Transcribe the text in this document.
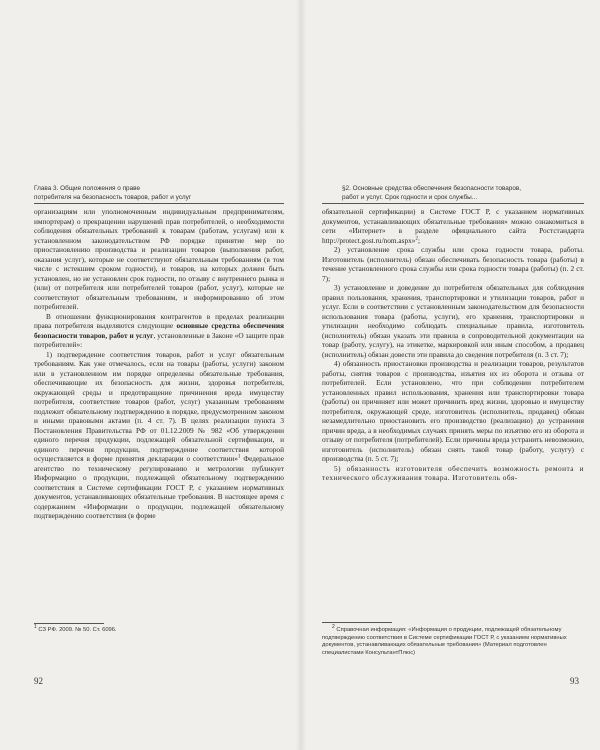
Глава 3. Общие положения о праве
потребителя на безопасность товаров, работ и услуг

организациям или уполномоченным индивидуальным предпринимателям, импортерам) о прекращении нарушений прав потребителей, о необходимости соблюдения обязательных требований к товарам (работам, услугам) или к установленном законодательством РФ порядке принятие мер по приостановлению производства и реализации товаров (выполнения работ, оказания услуг), которые не соответствуют обязательным требованиям (в том числе с истекшим сроком годности), и товаров, на которых должен быть установлен, но не установлен срок годности, по отзыву с внутреннего рынка и (или) от потребителя или потребителей товаров (работ, услуг), которые не соответствуют обязательным требованиям, и информированию об этом потребителей.

В отношении функционирования контрагентов в пределах реализации права потребителя выделяются следующие основные средства обеспечения безопасности товаров, работ и услуг, установленные в Законе «О защите прав потребителей»:

1) подтверждение соответствия товаров, работ и услуг обязательным требованиям. Как уже отмечалось, если на товары (работы, услуги) законом или в установленном им порядке определены обязательные требования, обеспечивающие их безопасность для жизни, здоровья потребителя, окружающей среды и предотвращение причинения вреда имуществу потребителя, соответствие товаров (работ, услуг) указанным требованиям подлежит обязательному подтверждению в порядке, предусмотренном законом и иными правовыми актами (п. 4 ст. 7). В целях реализации пункта 3 Постановления Правительства РФ от 01.12.2009 № 982 «Об утверждении единого перечня продукции, подлежащей обязательной сертификации, и единого перечня продукции, подтверждение соответствия которой осуществляется в форме принятия декларации о соответствии»$^1$ Федеральное агентство по техническому регулированию и метрологии публикует Информацию о продукции, подлежащей обязательному подтверждению соответствия в Системе сертификации ГОСТ Р, с указанием нормативных документов, устанавливающих обязательные требования. В настоящее время с содержанием «Информации о продукции, подлежащей обязательному подтверждению соответствия (в форме

$^1$ СЗ РФ. 2009. № 50. Ст. 6096.
92
§2. Основные средства обеспечения безопасности товаров,
работ и услуг. Срок годности и срок службы...

обязательной сертификации) в Системе ГОСТ Р, с указанием нормативных документов, устанавливающих обязательные требования» можно ознакомиться в сети «Интернет» в разделе официального сайта Ростстандарта http://protect.gost.ru/nom.aspx»$^2$;

2) установление срока службы или срока годности товара, работы. Изготовитель (исполнитель) обязан обеспечивать безопасность товара (работы) в течение установленного срока службы или срока годности товара (работы) (п. 2 ст. 7);

3) установление и доведение до потребителя обязательных для соблюдения правил пользования, хранения, транспортировки и утилизации товаров, работ и услуг. Если в соответствии с установленным законодательством для безопасности использования товара (работы, услуги), его хранения, транспортировки и утилизации необходимо соблюдать специальные правила, изготовитель (исполнитель) обязан указать эти правила в сопроводительной документации на товар (работу, услугу), на этикетке, маркировкой или иным способом, а продавец (исполнитель) обязан довести эти правила до сведения потребителя (п. 3 ст. 7);

4) обязанность приостановки производства и реализации товаров, результатов работы, снятия товаров с производства, изъятия их из оборота и отзыва от потребителей. Если установлено, что при соблюдении потребителем установленных правил использования, хранения или транспортировки товара (работы) он причиняет или может причинить вред жизни, здоровью и имуществу потребителя, окружающей среде, изготовитель (исполнитель, продавец) обязан незамедлительно приостановить его производство (реализацию) до устранения причин вреда, а в необходимых случаях принять меры по изъятию его из оборота и отзыву от потребителя (потребителей). Если причины вреда устранить невозможно, изготовитель (исполнитель) обязан снять такой товар (работу, услугу) с производства (п. 5 ст. 7);

5) обязанность изготовителя обеспечить возможность ремонта и технического обслуживания товара. Изготовитель обя-

$^2$ Справочная информация: «Информация о продукции, подлежащей обязательному подтверждению соответствия в Системе сертификации ГОСТ Р, с указанием нормативных документов, устанавливающих обязательные требования» (Материал подготовлен специалистами КонсультантПлюс)
93
